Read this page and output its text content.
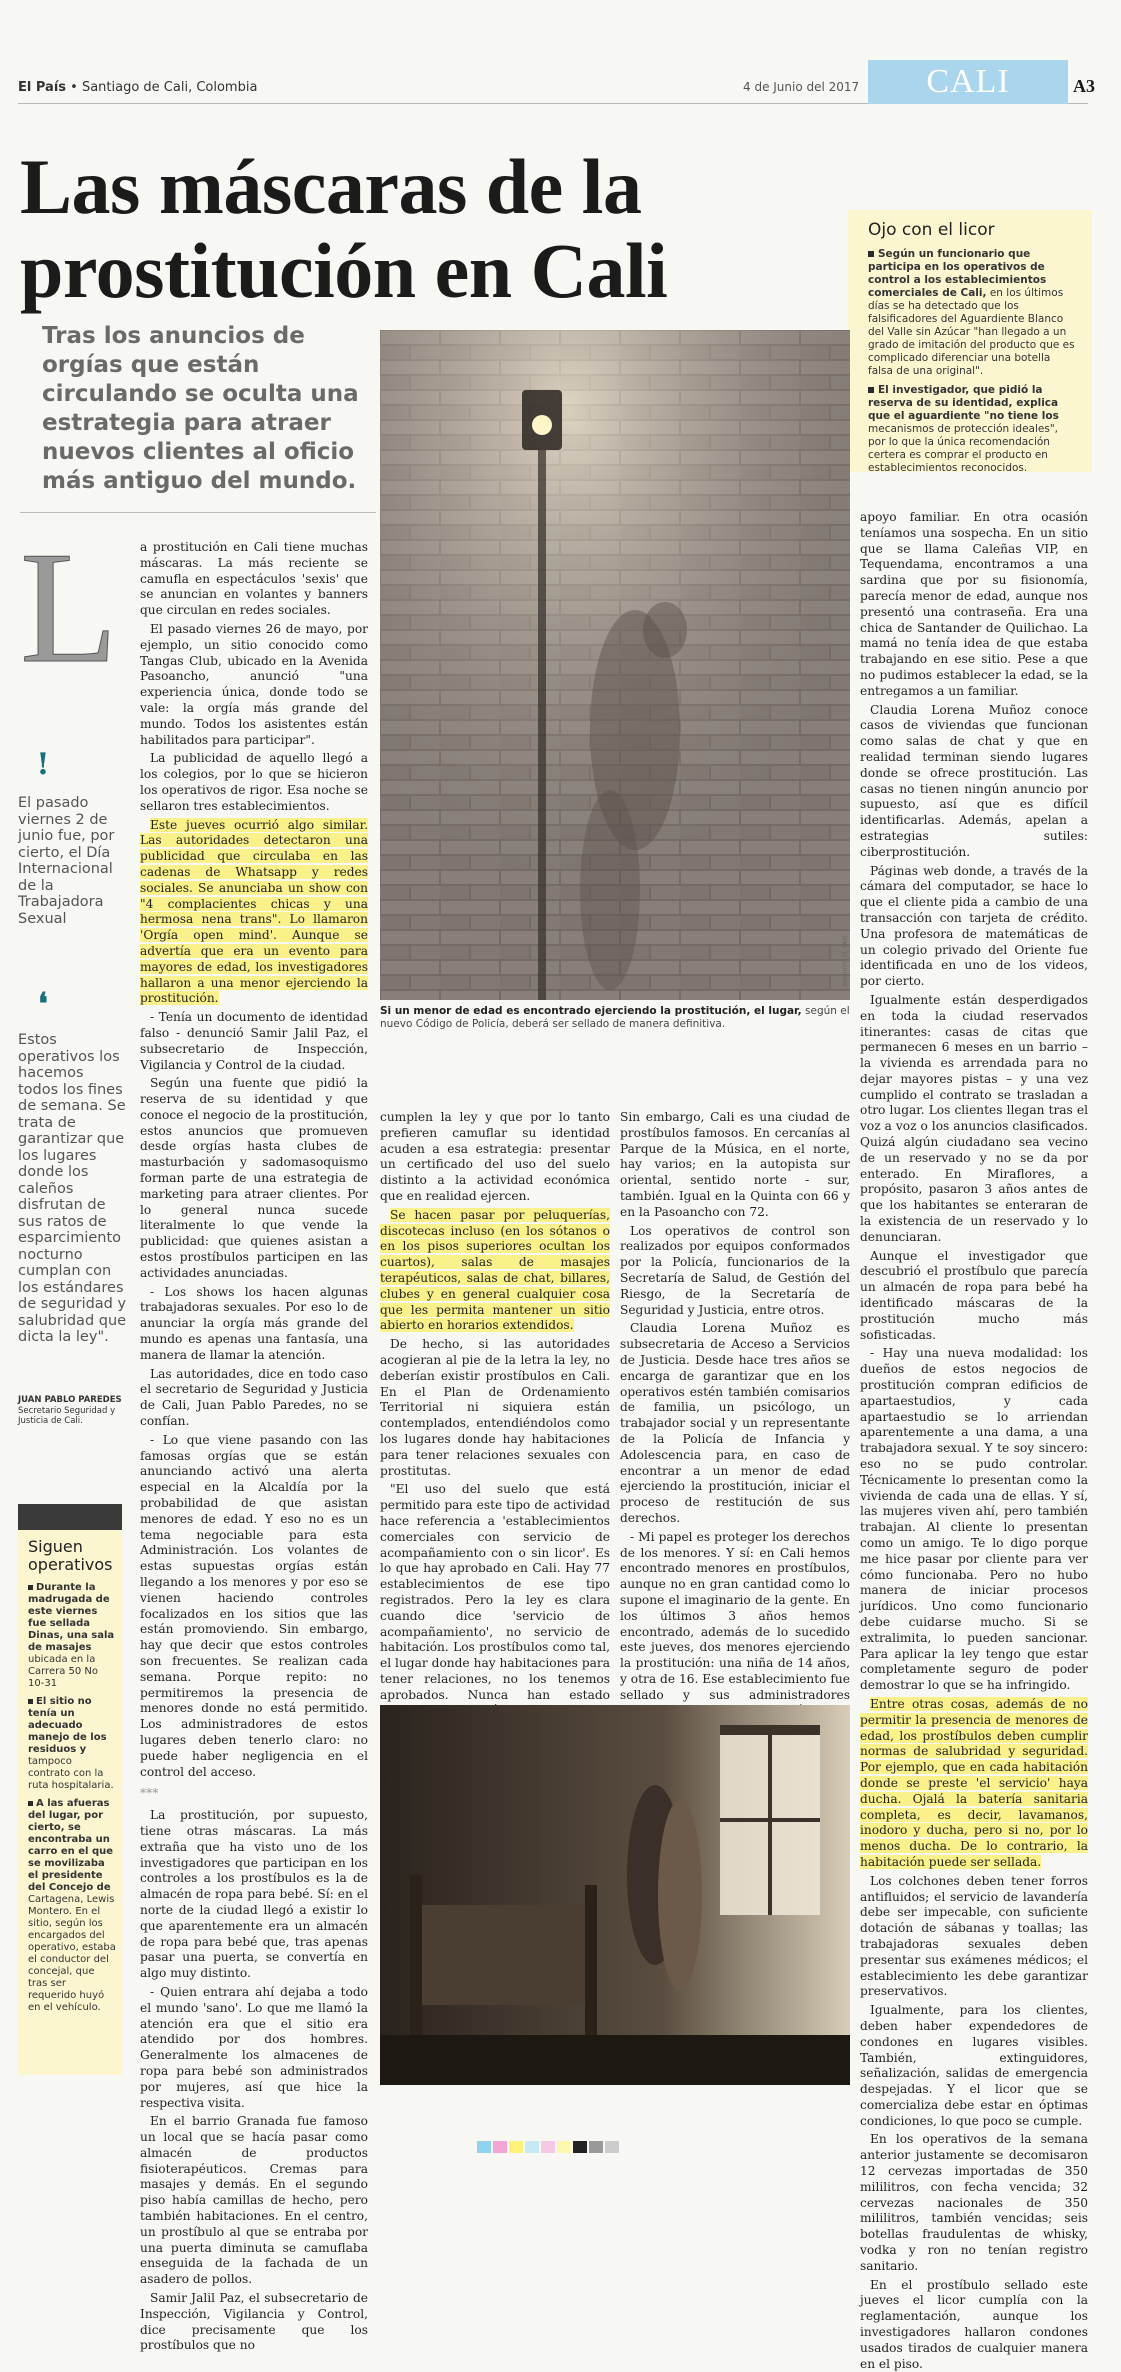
El País • Santiago de Cali, Colombia	4 de Junio del 2017	CALI	A3
Las máscaras de la prostitución en Cali
Tras los anuncios de orgías que están circulando se oculta una estrategia para atraer nuevos clientes al oficio más antiguo del mundo.
Ojo con el licor

Según un funcionario que participa en los operativos de control a los establecimientos comerciales de Cali, en los últimos días se ha detectado que los falsificadores del Aguardiente Blanco del Valle sin Azúcar "han llegado a un grado de imitación del producto que es complicado diferenciar una botella falsa de una original".

El investigador, que pidió la reserva de su identidad, explica que el aguardiente "no tiene los mecanismos de protección ideales", por lo que la única recomendación certera es comprar el producto en establecimientos reconocidos.

L
!
El pasado viernes 2 de junio fue, por cierto, el Día Internacional de la Trabajadora Sexual
❛
Estos operativos los hacemos todos los fines de semana. Se trata de garantizar que los lugares donde los caleños disfrutan de sus ratos de esparcimiento nocturno cumplan con los estándares de seguridad y salubridad que dicta la ley".
JUAN PABLO PAREDES
Secretario Seguridad y Justicia de Cali.
Siguen operativos

Durante la madrugada de este viernes fue sellada Dinas, una sala de masajes ubicada en la Carrera 50 No 10-31

El sitio no tenía un adecuado manejo de los residuos y tampoco contrato con la ruta hospitalaria.

A las afueras del lugar, por cierto, se encontraba un carro en el que se movilizaba el presidente del Concejo de Cartagena, Lewis Montero. En el sitio, según los encargados del operativo, estaba el conductor del concejal, que tras ser requerido huyó en el vehículo.

a prostitución en Cali tiene muchas máscaras. La más reciente se camufla en espectáculos 'sexis' que se anuncian en volantes y banners que circulan en redes sociales.

El pasado viernes 26 de mayo, por ejemplo, un sitio conocido como Tangas Club, ubicado en la Avenida Pasoancho, anunció "una experiencia única, donde todo se vale: la orgía más grande del mundo. Todos los asistentes están habilitados para participar".

La publicidad de aquello llegó a los colegios, por lo que se hicieron los operativos de rigor. Esa noche se sellaron tres establecimientos.

Este jueves ocurrió algo similar. Las autoridades detectaron una publicidad que circulaba en las cadenas de Whatsapp y redes sociales. Se anunciaba un show con "4 complacientes chicas y una hermosa nena trans". Lo llamaron 'Orgía open mind'. Aunque se advertía que era un evento para mayores de edad, los investigadores hallaron a una menor ejerciendo la prostitución.

- Tenía un documento de identidad falso - denunció Samir Jalil Paz, el subsecretario de Inspección, Vigilancia y Control de la ciudad.

Según una fuente que pidió la reserva de su identidad y que conoce el negocio de la prostitución, estos anuncios que promueven desde orgías hasta clubes de masturbación y sadomasoquismo forman parte de una estrategia de marketing para atraer clientes. Por lo general nunca sucede literalmente lo que vende la publicidad: que quienes asistan a estos prostíbulos participen en las actividades anunciadas.

- Los shows los hacen algunas trabajadoras sexuales. Por eso lo de anunciar la orgía más grande del mundo es apenas una fantasía, una manera de llamar la atención.

Las autoridades, dice en todo caso el secretario de Seguridad y Justicia de Cali, Juan Pablo Paredes, no se confían.

- Lo que viene pasando con las famosas orgías que se están anunciando activó una alerta especial en la Alcaldía por la probabilidad de que asistan menores de edad. Y eso no es un tema negociable para esta Administración. Los volantes de estas supuestas orgías están llegando a los menores y por eso se vienen haciendo controles focalizados en los sitios que las están promoviendo. Sin embargo, hay que decir que estos controles son frecuentes. Se realizan cada semana. Porque repito: no permitiremos la presencia de menores donde no está permitido. Los administradores de estos lugares deben tenerlo claro: no puede haber negligencia en el control del acceso.

***

La prostitución, por supuesto, tiene otras máscaras. La más extraña que ha visto uno de los investigadores que participan en los controles a los prostíbulos es la de almacén de ropa para bebé. Sí: en el norte de la ciudad llegó a existir lo que aparentemente era un almacén de ropa para bebé que, tras apenas pasar una puerta, se convertía en algo muy distinto.

- Quien entrara ahí dejaba a todo el mundo 'sano'. Lo que me llamó la atención era que el sitio era atendido por dos hombres. Generalmente los almacenes de ropa para bebé son administrados por mujeres, así que hice la respectiva visita.

En el barrio Granada fue famoso un local que se hacía pasar como almacén de productos fisioterapéuticos. Cremas para masajes y demás. En el segundo piso había camillas de hecho, pero también habitaciones. En el centro, un prostíbulo al que se entraba por una puerta diminuta se camuflaba enseguida de la fachada de un asadero de pollos.

Samir Jalil Paz, el subsecretario de Inspección, Vigilancia y Control, dice precisamente que los prostíbulos que no

Si un menor de edad es encontrado ejerciendo la prostitución, el lugar, según el nuevo Código de Policía, deberá ser sellado de manera definitiva.
ARCHIVO EL PAÍS

cumplen la ley y que por lo tanto prefieren camuflar su identidad acuden a esa estrategia: presentar un certificado del uso del suelo distinto a la actividad económica que en realidad ejercen.

Se hacen pasar por peluquerías, discotecas incluso (en los sótanos o en los pisos superiores ocultan los cuartos), salas de masajes terapéuticos, salas de chat, billares, clubes y en general cualquier cosa que les permita mantener un sitio abierto en horarios extendidos.

De hecho, si las autoridades acogieran al pie de la letra la ley, no deberían existir prostíbulos en Cali. En el Plan de Ordenamiento Territorial ni siquiera están contemplados, entendiéndolos como los lugares donde hay habitaciones para tener relaciones sexuales con prostitutas.

"El uso del suelo que está permitido para este tipo de actividad hace referencia a 'establecimientos comerciales con servicio de acompañamiento con o sin licor'. Es lo que hay aprobado en Cali. Hay 77 establecimientos de ese tipo registrados. Pero la ley es clara cuando dice 'servicio de acompañamiento', no servicio de habitación. Los prostíbulos como tal, el lugar donde hay habitaciones para tener relaciones, no los tenemos aprobados. Nunca han estado

Sin embargo, Cali es una ciudad de prostíbulos famosos. En cercanías al Parque de la Música, en el norte, hay varios; en la autopista sur oriental, sentido norte - sur, también. Igual en la Quinta con 66 y en la Pasoancho con 72.

Los operativos de control son realizados por equipos conformados por la Policía, funcionarios de la Secretaría de Salud, de Gestión del Riesgo, de la Secretaría de Seguridad y Justicia, entre otros.

Claudia Lorena Muñoz es subsecretaria de Acceso a Servicios de Justicia. Desde hace tres años se encarga de garantizar que en los operativos estén también comisarios de familia, un psicólogo, un trabajador social y un representante de la Policía de Infancia y Adolescencia para, en caso de encontrar a un menor de edad ejerciendo la prostitución, iniciar el proceso de restitución de sus derechos.

- Mi papel es proteger los derechos de los menores. Y sí: en Cali hemos encontrado menores en prostíbulos, aunque no en gran cantidad como lo supone el imaginario de la gente. En los últimos 3 años hemos encontrado, además de lo sucedido este jueves, dos menores ejerciendo la prostitución: una niña de 14 años, y otra de 16. Ese establecimiento fue sellado y sus administradores

apoyo familiar. En otra ocasión teníamos una sospecha. En un sitio que se llama Caleñas VIP, en Tequendama, encontramos a una sardina que por su fisionomía, parecía menor de edad, aunque nos presentó una contraseña. Era una chica de Santander de Quilichao. La mamá no tenía idea de que estaba trabajando en ese sitio. Pese a que no pudimos establecer la edad, se la entregamos a un familiar.

Claudia Lorena Muñoz conoce casos de viviendas que funcionan como salas de chat y que en realidad terminan siendo lugares donde se ofrece prostitución. Las casas no tienen ningún anuncio por supuesto, así que es difícil identificarlas. Además, apelan a estrategias sutiles: ciberprostitución.

Páginas web donde, a través de la cámara del computador, se hace lo que el cliente pida a cambio de una transacción con tarjeta de crédito. Una profesora de matemáticas de un colegio privado del Oriente fue identificada en uno de los videos, por cierto.

Igualmente están desperdigados en toda la ciudad reservados itinerantes: casas de citas que permanecen 6 meses en un barrio – la vivienda es arrendada para no dejar mayores pistas – y una vez cumplido el contrato se trasladan a otro lugar. Los clientes llegan tras el voz a voz o los anuncios clasificados. Quizá algún ciudadano sea vecino de un reservado y no se da por enterado. En Miraflores, a propósito, pasaron 3 años antes de que los habitantes se enteraran de la existencia de un reservado y lo denunciaran.

Aunque el investigador que descubrió el prostíbulo que parecía un almacén de ropa para bebé ha identificado máscaras de la prostitución mucho más sofisticadas.

- Hay una nueva modalidad: los dueños de estos negocios de prostitución compran edificios de apartaestudios, y cada apartaestudio se lo arriendan aparentemente a una dama, a una trabajadora sexual. Y te soy sincero: eso no se pudo controlar. Técnicamente lo presentan como la vivienda de cada una de ellas. Y sí, las mujeres viven ahí, pero también trabajan. Al cliente lo presentan como un amigo. Te lo digo porque me hice pasar por cliente para ver cómo funcionaba. Pero no hubo manera de iniciar procesos jurídicos. Uno como funcionario debe cuidarse mucho. Si se extralimita, lo pueden sancionar. Para aplicar la ley tengo que estar completamente seguro de poder demostrar lo que se ha infringido.

Entre otras cosas, además de no permitir la presencia de menores de edad, los prostíbulos deben cumplir normas de salubridad y seguridad. Por ejemplo, que en cada habitación donde se preste 'el servicio' haya ducha. Ojalá la batería sanitaria completa, es decir, lavamanos, inodoro y ducha, pero si no, por lo menos ducha. De lo contrario, la habitación puede ser sellada.

Los colchones deben tener forros antifluidos; el servicio de lavandería debe ser impecable, con suficiente dotación de sábanas y toallas; las trabajadoras sexuales deben presentar sus exámenes médicos; el establecimiento les debe garantizar preservativos.

Igualmente, para los clientes, deben haber expendedores de condones en lugares visibles. También, extinguidores, señalización, salidas de emergencia despejadas. Y el licor que se comercializa debe estar en óptimas condiciones, lo que poco se cumple.

En los operativos de la semana anterior justamente se decomisaron 12 cervezas importadas de 350 mililitros, con fecha vencida; 32 cervezas nacionales de 350 mililitros, también vencidas; seis botellas fraudulentas de whisky, vodka y ron no tenían registro sanitario.

En el prostíbulo sellado este jueves el licor cumplía con la reglamentación, aunque los investigadores hallaron condones usados tirados de cualquier manera en el piso.
